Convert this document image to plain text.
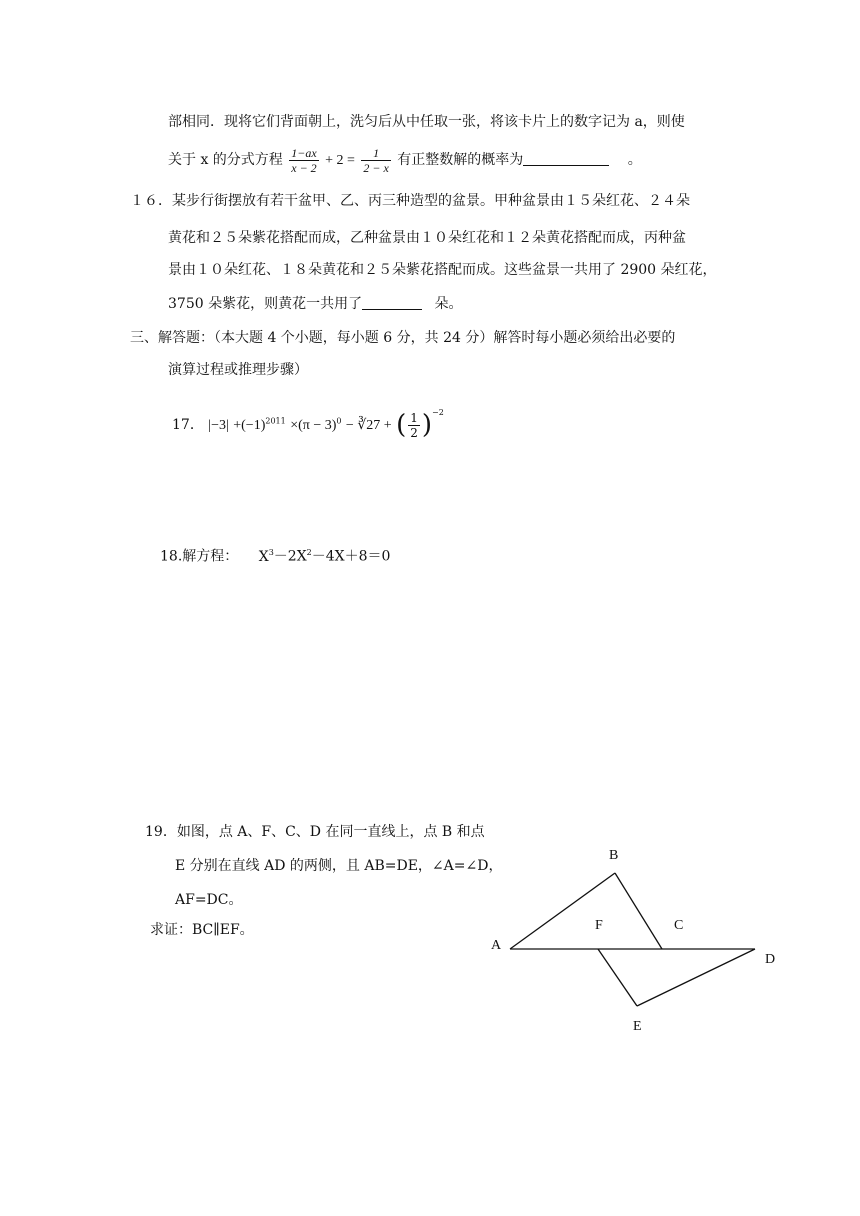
部相同．现将它们背面朝上，洗匀后从中任取一张，将该卡片上的数字记为 a，则使
关于 x 的分式方程 $\frac{1-ax}{x - 2} + 2 = \frac{1}{2 - x}$ 有正整数解的概率为	。
１６．某步行街摆放有若干盆甲、乙、丙三种造型的盆景。甲种盆景由１５朵红花、２４朵
黄花和２５朵紫花搭配而成，乙种盆景由１０朵红花和１２朵黄花搭配而成，丙种盆
景由１０朵红花、１８朵黄花和２５朵紫花搭配而成。这些盆景一共用了 2900 朵红花，
3750 朵紫花，则黄花一共用了	朵。
三、解答题：（本大题 4 个小题，每小题 6 分，共 24 分）解答时每小题必须给出必要的
演算过程或推理步骤）
17． $|-3| +(-1)^{2011} \times(\pi - 3)^0$ − ∛27 + ( $\frac{1}{2} )^{-2}$
18.解方程： $X^3-2X^2-4X+8=0$
19．如图，点 A、F、C、D 在同一直线上，点 B 和点
E 分别在直线 AD 的两侧，且 AB=DE，∠A=∠D，
AF=DC。
求证：BC∥EF。
A
B
C
D
E
F
